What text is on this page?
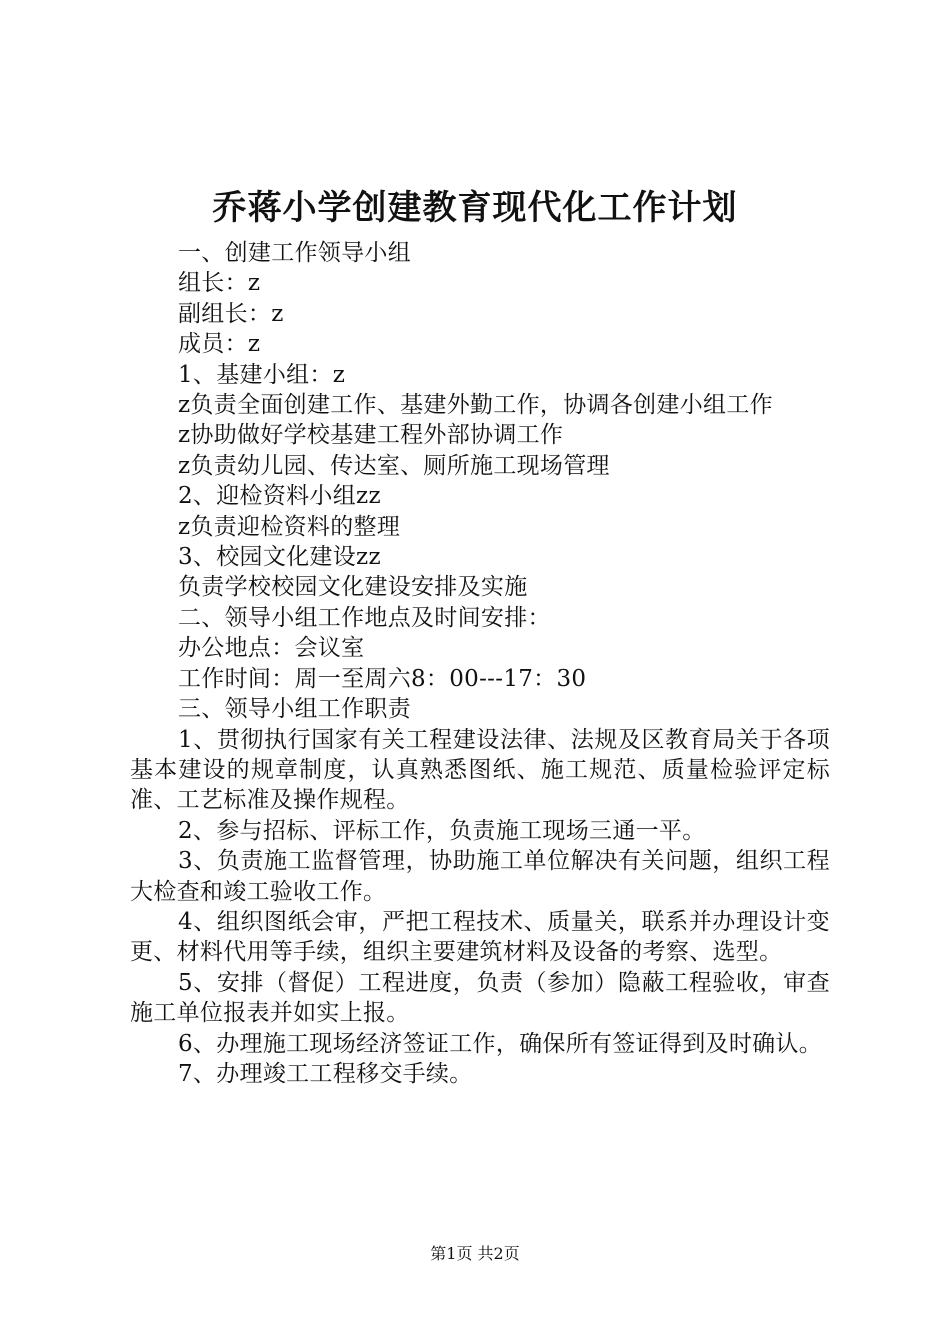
乔蒋小学创建教育现代化工作计划

一、创建工作领导小组

组长：z

副组长：z

成员：z

1、基建小组：z

z负责全面创建工作、基建外勤工作，协调各创建小组工作

z协助做好学校基建工程外部协调工作

z负责幼儿园、传达室、厕所施工现场管理

2、迎检资料小组zz

z负责迎检资料的整理

3、校园文化建设zz

负责学校校园文化建设安排及实施

二、领导小组工作地点及时间安排：

办公地点：会议室

工作时间：周一至周六8：00---17：30

三、领导小组工作职责

1、贯彻执行国家有关工程建设法律、法规及区教育局关于各项基本建设的规章制度，认真熟悉图纸、施工规范、质量检验评定标准、工艺标准及操作规程。

2、参与招标、评标工作，负责施工现场三通一平。

3、负责施工监督管理，协助施工单位解决有关问题，组织工程大检查和竣工验收工作。

4、组织图纸会审，严把工程技术、质量关，联系并办理设计变更、材料代用等手续，组织主要建筑材料及设备的考察、选型。

5、安排（督促）工程进度，负责（参加）隐蔽工程验收，审查施工单位报表并如实上报。

6、办理施工现场经济签证工作，确保所有签证得到及时确认。

7、办理竣工工程移交手续。

第1页 共2页
